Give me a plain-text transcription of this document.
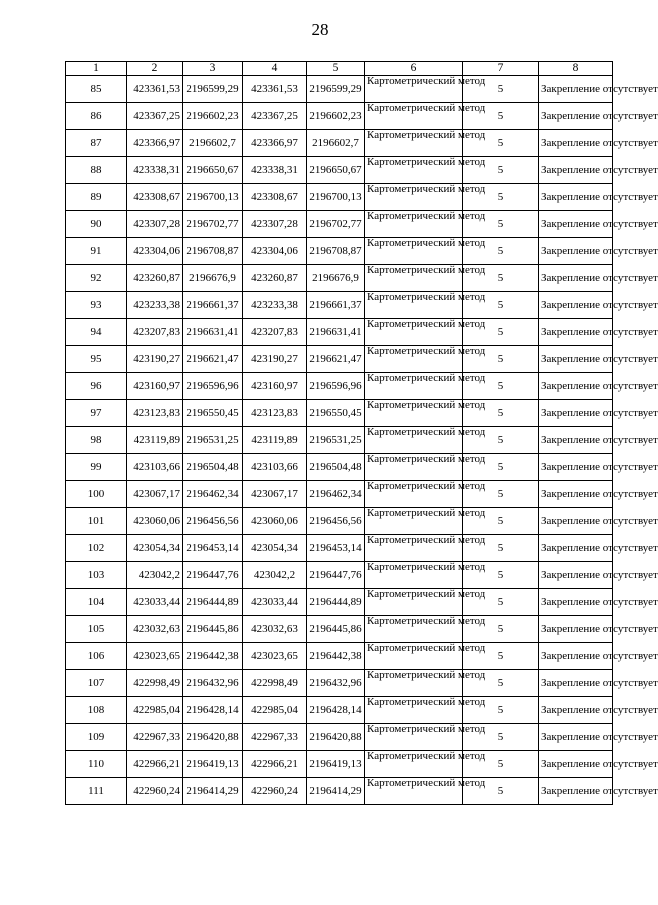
28
1	2	3	4	5	6	7	8
85	423361,53	2196599,29	423361,53	2196599,29	Картометрический метод	5	Закрепление отсутствует
86	423367,25	2196602,23	423367,25	2196602,23	Картометрический метод	5	Закрепление отсутствует
87	423366,97	2196602,7	423366,97	2196602,7	Картометрический метод	5	Закрепление отсутствует
88	423338,31	2196650,67	423338,31	2196650,67	Картометрический метод	5	Закрепление отсутствует
89	423308,67	2196700,13	423308,67	2196700,13	Картометрический метод	5	Закрепление отсутствует
90	423307,28	2196702,77	423307,28	2196702,77	Картометрический метод	5	Закрепление отсутствует
91	423304,06	2196708,87	423304,06	2196708,87	Картометрический метод	5	Закрепление отсутствует
92	423260,87	2196676,9	423260,87	2196676,9	Картометрический метод	5	Закрепление отсутствует
93	423233,38	2196661,37	423233,38	2196661,37	Картометрический метод	5	Закрепление отсутствует
94	423207,83	2196631,41	423207,83	2196631,41	Картометрический метод	5	Закрепление отсутствует
95	423190,27	2196621,47	423190,27	2196621,47	Картометрический метод	5	Закрепление отсутствует
96	423160,97	2196596,96	423160,97	2196596,96	Картометрический метод	5	Закрепление отсутствует
97	423123,83	2196550,45	423123,83	2196550,45	Картометрический метод	5	Закрепление отсутствует
98	423119,89	2196531,25	423119,89	2196531,25	Картометрический метод	5	Закрепление отсутствует
99	423103,66	2196504,48	423103,66	2196504,48	Картометрический метод	5	Закрепление отсутствует
100	423067,17	2196462,34	423067,17	2196462,34	Картометрический метод	5	Закрепление отсутствует
101	423060,06	2196456,56	423060,06	2196456,56	Картометрический метод	5	Закрепление отсутствует
102	423054,34	2196453,14	423054,34	2196453,14	Картометрический метод	5	Закрепление отсутствует
103	423042,2	2196447,76	423042,2	2196447,76	Картометрический метод	5	Закрепление отсутствует
104	423033,44	2196444,89	423033,44	2196444,89	Картометрический метод	5	Закрепление отсутствует
105	423032,63	2196445,86	423032,63	2196445,86	Картометрический метод	5	Закрепление отсутствует
106	423023,65	2196442,38	423023,65	2196442,38	Картометрический метод	5	Закрепление отсутствует
107	422998,49	2196432,96	422998,49	2196432,96	Картометрический метод	5	Закрепление отсутствует
108	422985,04	2196428,14	422985,04	2196428,14	Картометрический метод	5	Закрепление отсутствует
109	422967,33	2196420,88	422967,33	2196420,88	Картометрический метод	5	Закрепление отсутствует
110	422966,21	2196419,13	422966,21	2196419,13	Картометрический метод	5	Закрепление отсутствует
111	422960,24	2196414,29	422960,24	2196414,29	Картометрический метод	5	Закрепление отсутствует
